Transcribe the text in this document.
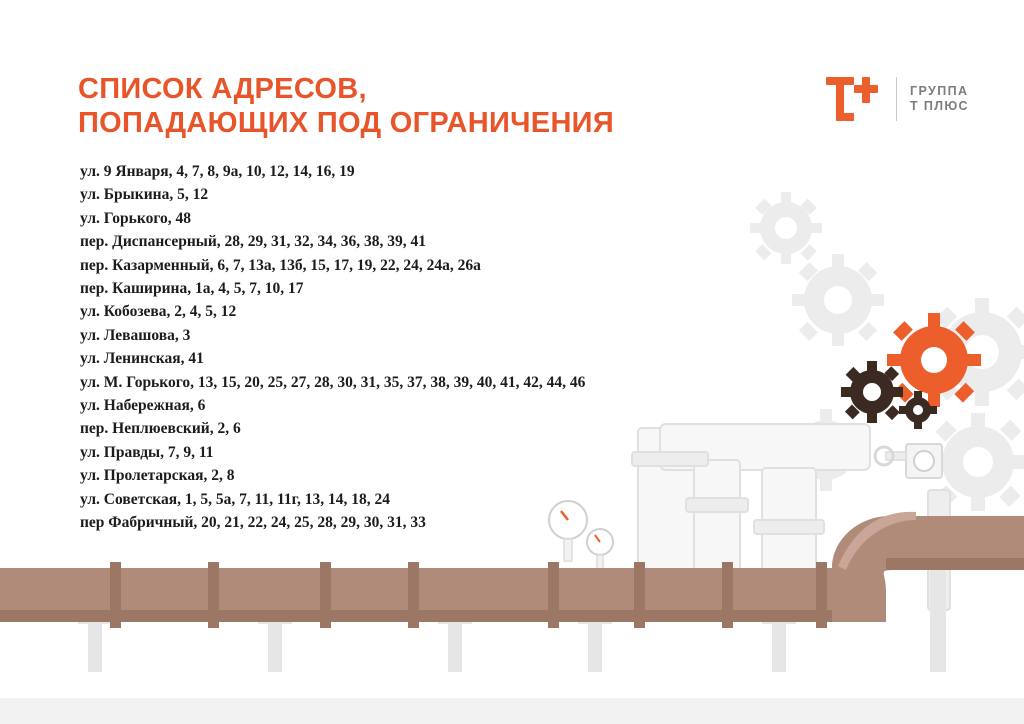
СПИСОК АДРЕСОВ,
ПОПАДАЮЩИХ ПОД ОГРАНИЧЕНИЯ
ГРУППА
Т ПЛЮС
ул. 9 Января, 4, 7, 8, 9а, 10, 12, 14, 16, 19
ул. Брыкина, 5, 12
ул. Горького, 48
пер. Диспансерный, 28, 29, 31, 32, 34, 36, 38, 39, 41
пер. Казарменный, 6, 7, 13а, 13б, 15, 17, 19, 22, 24, 24а, 26а
пер. Каширина, 1а, 4, 5, 7, 10, 17
ул. Кобозева, 2, 4, 5, 12
ул. Левашова, 3
ул. Ленинская, 41
ул. М. Горького, 13, 15, 20, 25, 27, 28, 30, 31, 35, 37, 38, 39, 40, 41, 42, 44, 46
ул. Набережная, 6
пер. Неплюевский, 2, 6
ул. Правды, 7, 9, 11
ул. Пролетарская, 2, 8
ул. Советская, 1, 5, 5а, 7, 11, 11г, 13, 14, 18, 24
пер Фабричный, 20, 21, 22, 24, 25, 28, 29, 30, 31, 33
